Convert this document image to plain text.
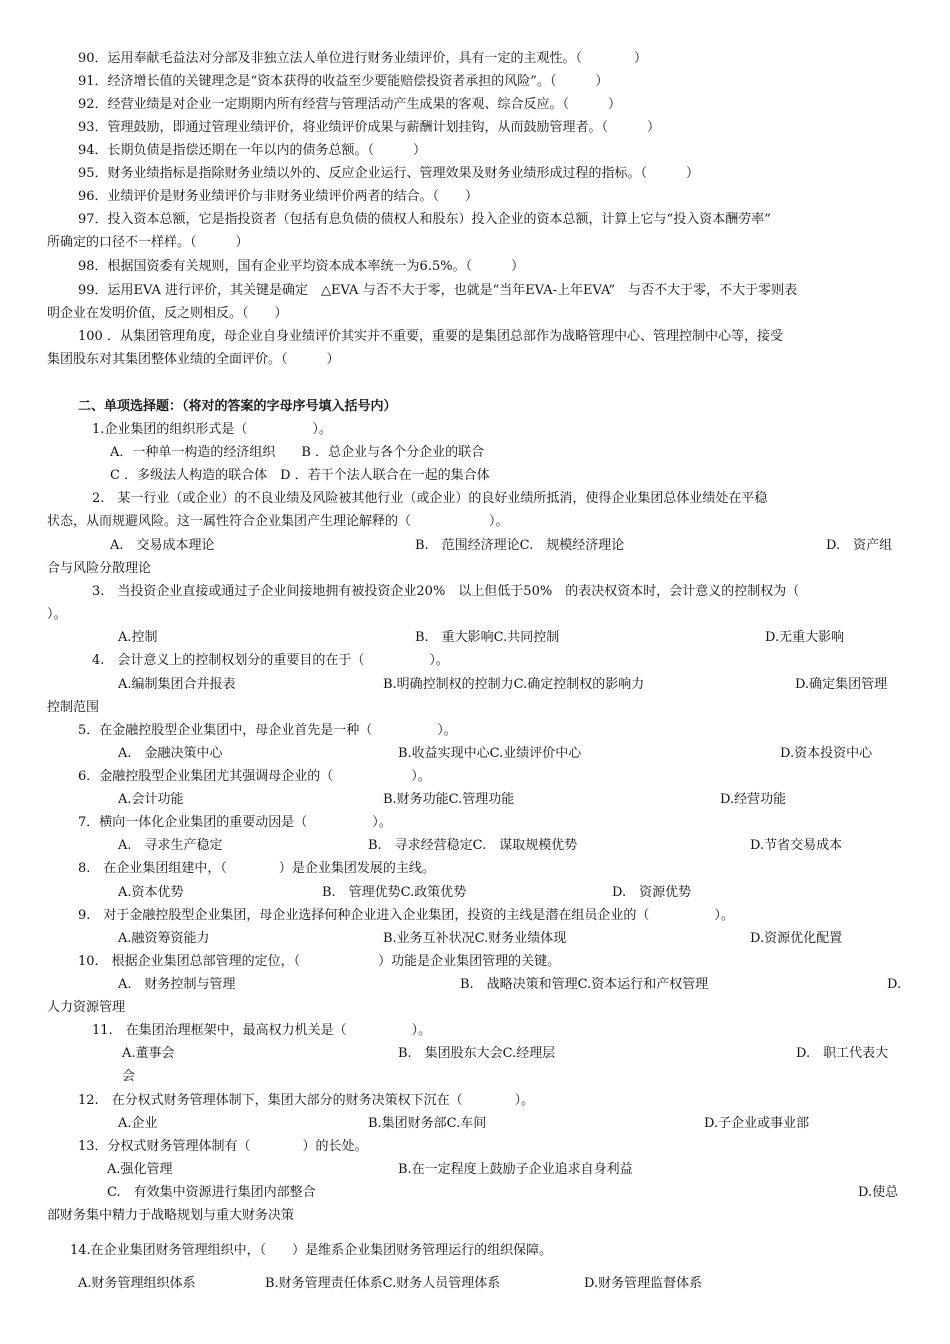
90．运用奉献毛益法对分部及非独立法人单位进行财务业绩评价，具有一定的主观性。（　　　　）
91．经济增长值的关键理念是“资本获得的收益至少要能赔偿投资者承担的风险”。（　　　）
92．经营业绩是对企业一定期期内所有经营与管理活动产生成果的客观、综合反应。（　　　）
93．管理鼓励，即通过管理业绩评价，将业绩评价成果与薪酬计划挂钩，从而鼓励管理者。（　　　）
94．长期负债是指偿还期在一年以内的债务总额。（　　　）
95．财务业绩指标是指除财务业绩以外的、反应企业运行、管理效果及财务业绩形成过程的指标。（　　　）
96．业绩评价是财务业绩评价与非财务业绩评价两者的结合。（　　）
97．投入资本总额，它是指投资者（包括有息负债的债权人和股东）投入企业的资本总额，计算上它与“投入资本酬劳率”
所确定的口径不一样样。（　　　）
98．根据国资委有关规则，国有企业平均资本成本率统一为6.5%。（　　　）
99．运用EVA 进行评价，其关键是确定　△EVA 与否不大于零，也就是“当年EVA-上年EVA”　与否不大于零，不大于零则表
明企业在发明价值，反之则相反。（　　）
100 ．从集团管理角度，母企业自身业绩评价其实并不重要，重要的是集团总部作为战略管理中心、管理控制中心等，接受
集团股东对其集团整体业绩的全面评价。（　　　）
二、单项选择题：（将对的答案的字母序号填入括号内）
1.企业集团的组织形式是（　　　　　）。
A．一种单一构造的经济组织　　B ．总企业与各个分企业的联合
C ．多级法人构造的联合体　D ．若干个法人联合在一起的集合体
2.　某一行业（或企业）的不良业绩及风险被其他行业（或企业）的良好业绩所抵消，使得企业集团总体业绩处在平稳
状态，从而规避风险。这一属性符合企业集团产生理论解释的（　　　　　　）。
A.　交易成本理论	B.　范围经济理论C.　规模经济理论	D.　资产组
合与风险分散理论
3.　当投资企业直接或通过子企业间接地拥有被投资企业20%　以上但低于50%　的表决权资本时，会计意义的控制权为（
）。
A.控制	B.　重大影响C.共同控制	D.无重大影响
4.　会计意义上的控制权划分的重要目的在于（　　　　　）。
A.编制集团合并报表	B.明确控制权的控制力C.确定控制权的影响力	D.确定集团管理
控制范围
5．在金融控股型企业集团中，母企业首先是一种（　　　　　）。
A.　金融决策中心	B.收益实现中心C.业绩评价中心	D.资本投资中心
6．金融控股型企业集团尤其强调母企业的（　　　　　　）。
A.会计功能	B.财务功能C.管理功能	D.经营功能
7．横向一体化企业集团的重要动因是（　　　　　）。
A.　寻求生产稳定	B.　寻求经营稳定C.　谋取规模优势	D.节省交易成本
8.　在企业集团组建中，（　　　　）是企业集团发展的主线。
A.资本优势	B.　管理优势C.政策优势	D.　资源优势
9.　对于金融控股型企业集团，母企业选择何种企业进入企业集团，投资的主线是潜在组员企业的（　　　　　）。
A.融资筹资能力	B.业务互补状况C.财务业绩体现	D.资源优化配置
10.　根据企业集团总部管理的定位，（　　　　　　）功能是企业集团管理的关键。
A.　财务控制与管理	B.　战略决策和管理C.资本运行和产权管理	D.
人力资源管理
11.　在集团治理框架中，最高权力机关是（　　　　　）。
A.董事会	B.　集团股东大会C.经理层	D.　职工代表大
会
12.　在分权式财务管理体制下，集团大部分的财务决策权下沉在（　　　　）。
A.企业	B.集团财务部C.车间	D.子企业或事业部
13．分权式财务管理体制有（　　　　）的长处。
A.强化管理	B.在一定程度上鼓励子企业追求自身利益
C.　有效集中资源进行集团内部整合	D.使总
部财务集中精力于战略规划与重大财务决策
14.在企业集团财务管理组织中，（　　）是维系企业集团财务管理运行的组织保障。
A.财务管理组织体系	B.财务管理责任体系C.财务人员管理体系	D.财务管理监督体系
